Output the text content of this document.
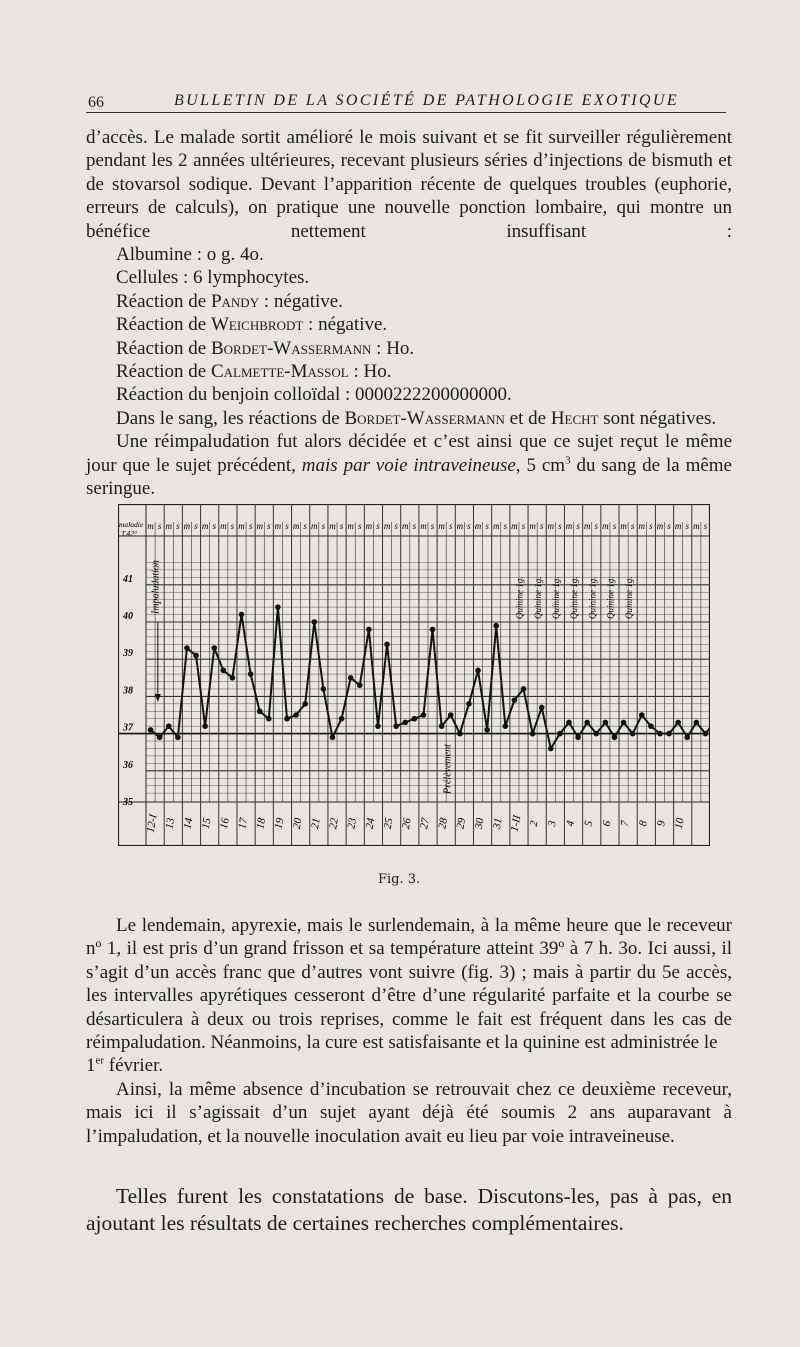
66	BULLETIN DE LA SOCIÉTÉ DE PATHOLOGIE EXOTIQUE

d’accès. Le malade sortit amélioré le mois suivant et se fit surveiller régulièrement pendant les 2 années ultérieures, recevant plusieurs séries d’injections de bismuth et de stovarsol sodique. Devant l’apparition récente de quelques troubles (euphorie, erreurs de calculs), on pratique une nouvelle ponction lombaire, qui montre un bénéfice nettement insuffisant :

Albumine : o g. 4o.

Cellules : 6 lymphocytes.

Réaction de Pandy : négative.

Réaction de Weichbrodt : négative.

Réaction de Bordet-Wassermann : Ho.

Réaction de Calmette-Massol : Ho.

Réaction du benjoin colloïdal : 0000222200000000.

Dans le sang, les réactions de Bordet-Wassermann et de Hecht sont négatives.

Une réimpaludation fut alors décidée et c’est ainsi que ce sujet reçut le même jour que le sujet précédent, mais par voie intraveineuse, 5 $cm^3$ du sang de la même seringue.

maladie
T.42°
m s m s m s m s m s m s m s m s m s m s m s m s m s m s m s m s m s m s m s m s m s m s m s m s m s m s m s m s m s m s m s
35
36
37
38
39
40
41
12-I 13 14 15 16 17 18 19 20 21 22 23 24 25 26 27 28 29 30 31 1-II 2 3 4 5 6 7 8 9 10
Impaludation
Prélèvement
Quinine 1g. Quinine 1g. Quinine 1g. Quinine 1g. Quinine 1g. Quinine 1g. Quinine 1g.
Fig. 3.

Le lendemain, apyrexie, mais le surlendemain, à la même heure que le receveur nº 1, il est pris d’un grand frisson et sa température atteint 39º à 7 h. 3o. Ici aussi, il s’agit d’un accès franc que d’autres vont suivre (fig. 3) ; mais à partir du 5e accès, les intervalles apyrétiques cesseront d’être d’une régularité parfaite et la courbe se désarticulera à deux ou trois reprises, comme le fait est fréquent dans les cas de réimpaludation. Néanmoins, la cure est satisfaisante et la quinine est administrée le

1er février.

Ainsi, la même absence d’incubation se retrouvait chez ce deuxième receveur, mais ici il s’agissait d’un sujet ayant déjà été soumis 2 ans auparavant à l’impaludation, et la nouvelle inoculation avait eu lieu par voie intraveineuse.

Telles furent les constatations de base. Discutons-les, pas à pas, en ajoutant les résultats de certaines recherches complémentaires.
